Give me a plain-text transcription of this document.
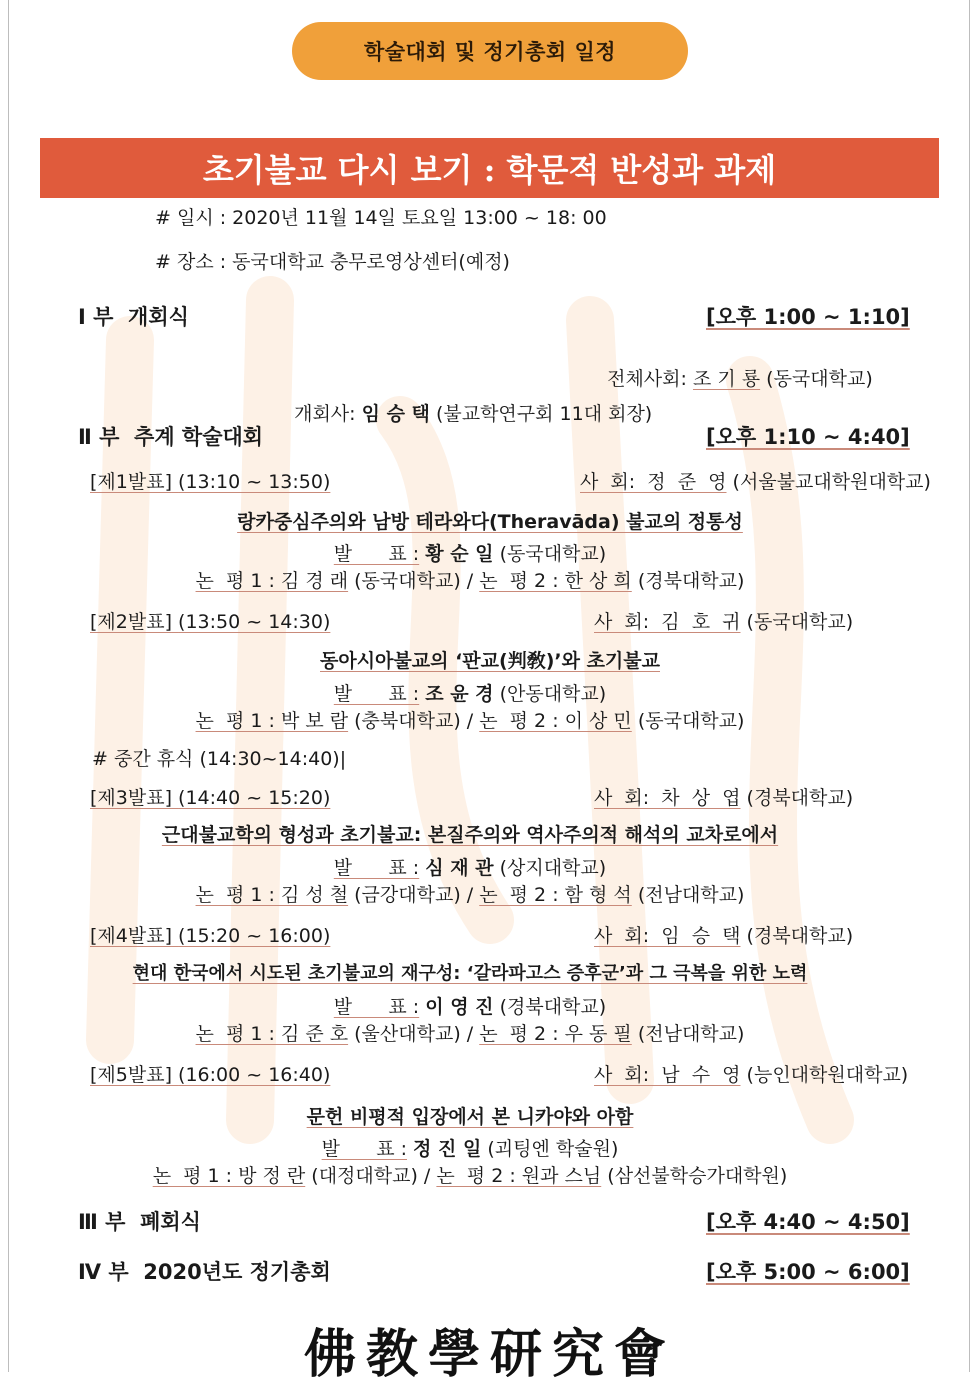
학술대회 및 정기총회 일정
초기불교 다시 보기 : 학문적 반성과 과제
# 일시 : 2020년 11월 14일 토요일 13:00 ~ 18: 00
# 장소 : 동국대학교 충무로영상센터(예정)
Ⅰ 부  개회식	[오후 1:00 ~ 1:10]

전체사회: 조 기 룡 (동국대학교)

개회사: 임 승 택 (불교학연구회 11대 회장)

Ⅱ 부  추계 학술대회	[오후 1:10 ~ 4:40]
[제1발표] (13:10 ~ 13:50)	사  회:  정  준  영 (서울불교대학원대학교)
랑카중심주의와 남방 테라와다(Theravāda) 불교의 정통성
발      표 : 황 순 일 (동국대학교)
논  평 1 : 김 경 래 (동국대학교) / 논  평 2 : 한 상 희 (경북대학교)
[제2발표] (13:50 ~ 14:30)	사  회:  김  호  귀 (동국대학교)
동아시아불교의 ‘판교(判敎)’와 초기불교
발      표 : 조 윤 경 (안동대학교)
논  평 1 : 박 보 람 (충북대학교) / 논  평 2 : 이 상 민 (동국대학교)
# 중간 휴식 (14:30~14:40)|
[제3발표] (14:40 ~ 15:20)	사  회:  차  상  엽 (경북대학교)
근대불교학의 형성과 초기불교: 본질주의와 역사주의적 해석의 교차로에서
발      표 : 심 재 관 (상지대학교)
논  평 1 : 김 성 철 (금강대학교) / 논  평 2 : 함 형 석 (전남대학교)
[제4발표] (15:20 ~ 16:00)	사  회:  임  승  택 (경북대학교)
현대 한국에서 시도된 초기불교의 재구성: ‘갈라파고스 증후군’과 그 극복을 위한 노력
발      표 : 이 영 진 (경북대학교)
논  평 1 : 김 준 호 (울산대학교) / 논  평 2 : 우 동 필 (전남대학교)
[제5발표] (16:00 ~ 16:40)	사  회:  남  수  영 (능인대학원대학교)
문헌 비평적 입장에서 본 니카야와 아함
발      표 : 정 진 일 (괴팅엔 학술원)
논  평 1 : 방 정 란 (대정대학교) / 논  평 2 : 원과 스님 (삼선불학승가대학원)
Ⅲ 부  폐회식	[오후 4:40 ~ 4:50]
Ⅳ 부  2020년도 정기총회	[오후 5:00 ~ 6:00]
佛教學研究會
